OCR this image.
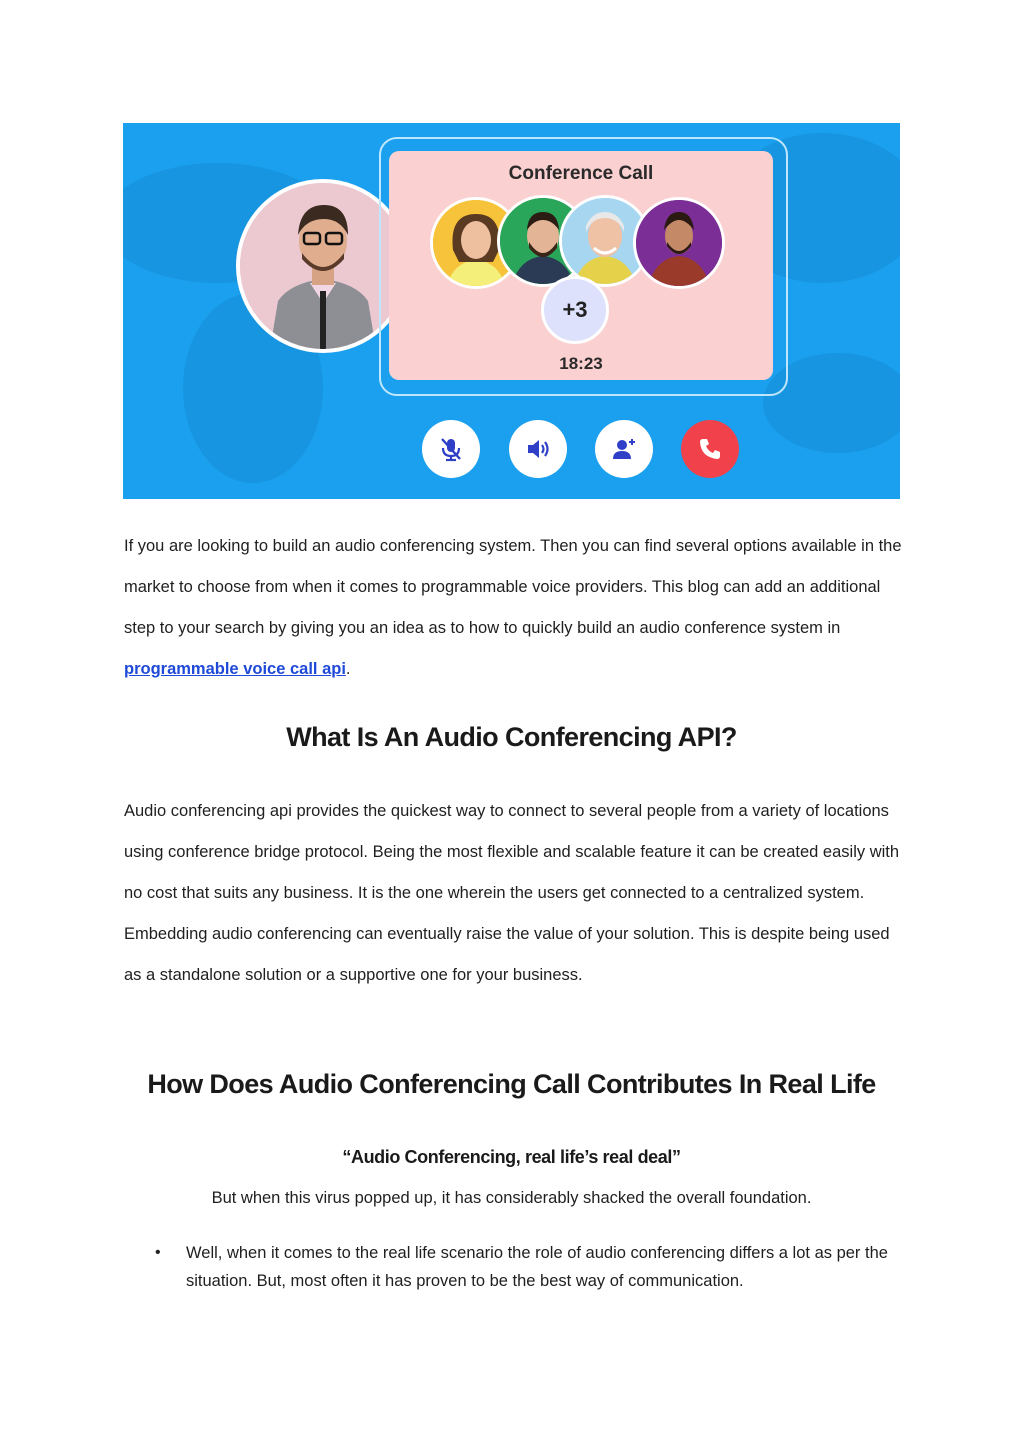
Conference Call
18:23
+3
If you are looking to build an audio conferencing system. Then you can find several options available in the market to choose from when it comes to programmable voice providers. This blog can add an additional step to your search by giving you an idea as to how to quickly build an audio conference system in programmable voice call api.
What Is An Audio Conferencing API?
Audio conferencing api provides the quickest way to connect to several people from a variety of locations using conference bridge protocol. Being the most flexible and scalable feature it can be created easily with no cost that suits any business. It is the one wherein the users get connected to a centralized system. Embedding audio conferencing can eventually raise the value of your solution. This is despite being used as a standalone solution or a supportive one for your business.
How Does Audio Conferencing Call Contributes In Real Life
“Audio Conferencing, real life’s real deal”
But when this virus popped up, it has considerably shacked the overall foundation.
• Well, when it comes to the real life scenario the role of audio conferencing differs a lot as per the situation. But, most often it has proven to be the best way of communication.
